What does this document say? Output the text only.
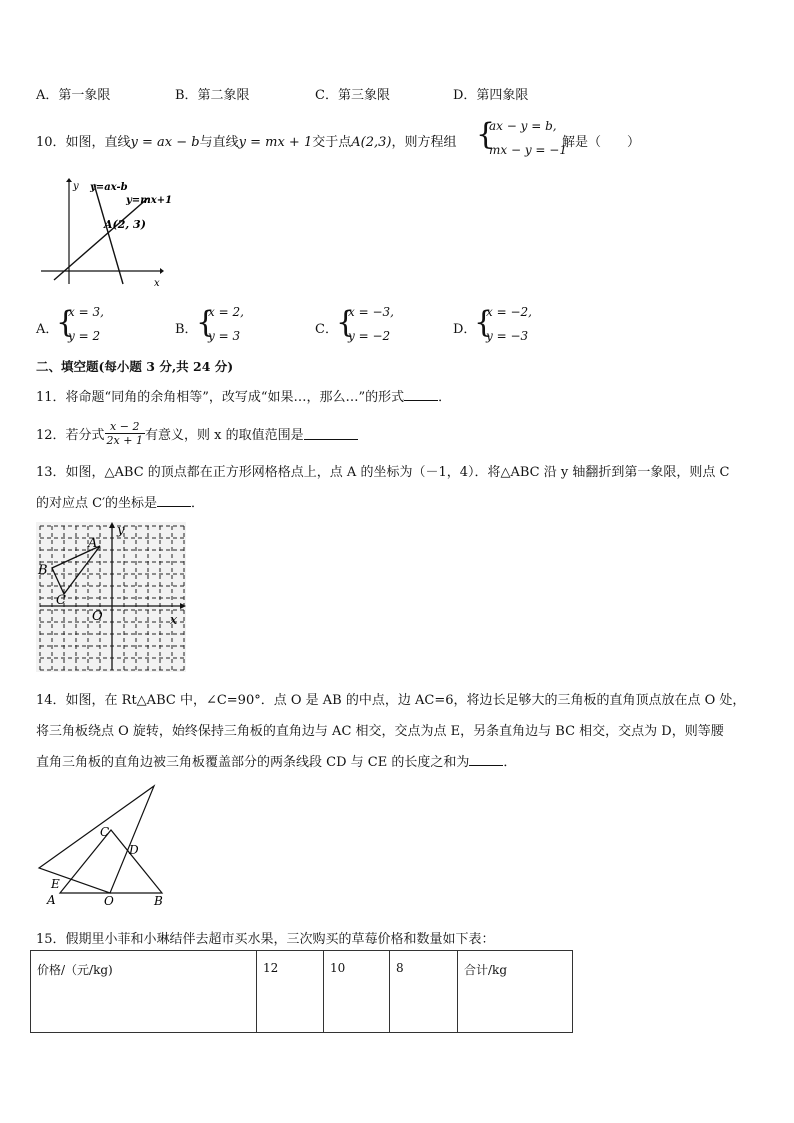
A．第一象限	B．第二象限	C．第三象限	D．第四象限
10．如图，直线y = ax − b与直线y = mx + 1交于点A(2,3)，则方程组 {
ax − y = b,
mx − y = −1
解是（　　）
y y=ax-b
y=mx+1
A(2, 3)
x
A．
{
x = 3,
y = 2	B．
{
x = 2,
y = 3	C．
{
x = −3,
y = −2	D．
{
x = −2,
y = −3
二、填空题(每小题 3 分,共 24 分)
11．将命题“同角的余角相等”，改写成“如果…，那么…”的形式	．
12．若分式 $\frac{x - 2}{2x + 1}$ 有意义，则 x 的取值范围是
13．如图，△ABC 的顶点都在正方形网格格点上，点 A 的坐标为（－1，4）．将△ABC 沿 y 轴翻折到第一象限，则点 C
的对应点 C′的坐标是	．
y
x
A
B
C
O
14．如图，在 Rt△ABC 中，∠C=90°．点 O 是 AB 的中点，边 AC=6，将边长足够大的三角板的直角顶点放在点 O 处，
将三角板绕点 O 旋转，始终保持三角板的直角边与 AC 相交，交点为点 E，另条直角边与 BC 相交，交点为 D，则等腰
直角三角板的直角边被三角板覆盖部分的两条线段 CD 与 CE 的长度之和为	．
C
D
E
A	O	B
15．假期里小菲和小琳结伴去超市买水果，三次购买的草莓价格和数量如下表：
价格/（元/kg)	12	10	8	合计/kg
